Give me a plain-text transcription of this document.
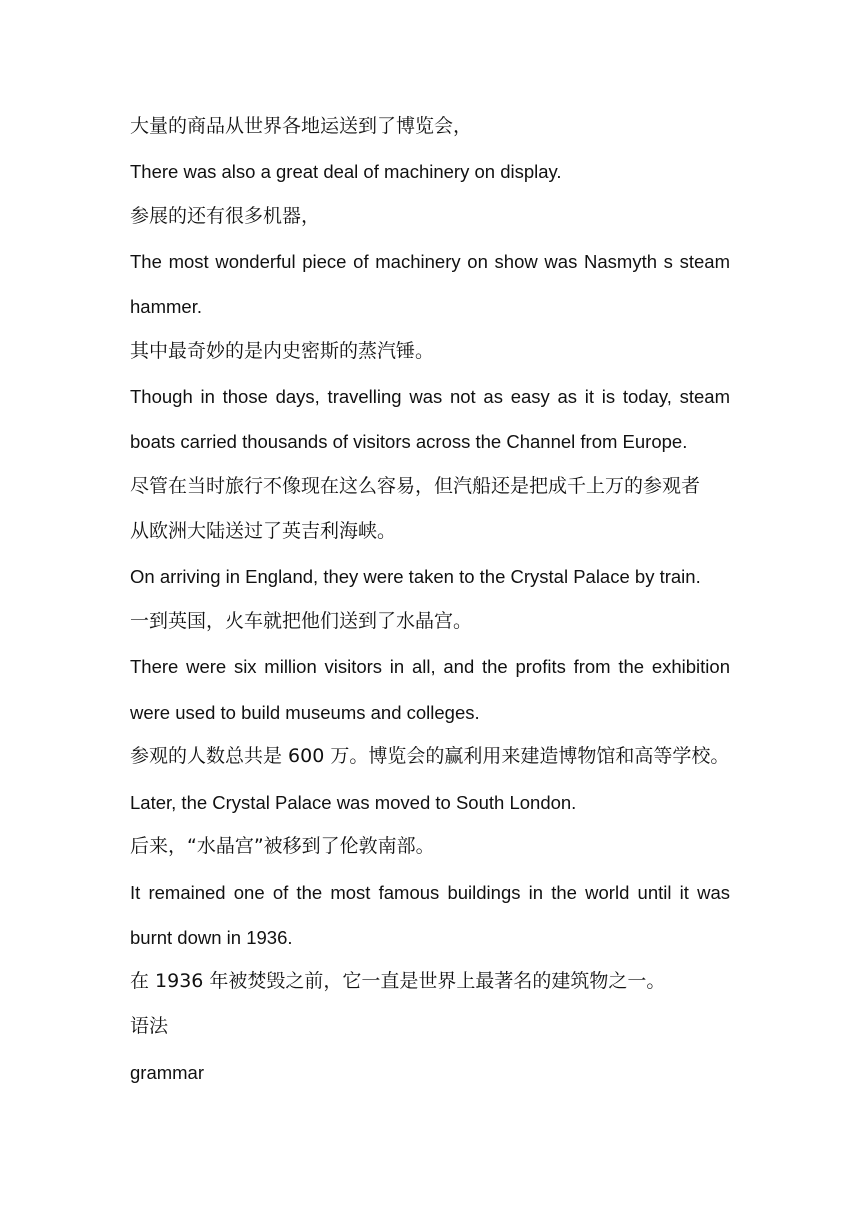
大量的商品从世界各地运送到了博览会，
There was also a great deal of machinery on display.
参展的还有很多机器，
The most wonderful piece of machinery on show was Nasmyth s steam
hammer.
其中最奇妙的是内史密斯的蒸汽锤。
Though in those days, travelling was not as easy as it is today, steam
boats carried thousands of visitors across the Channel from Europe.
尽管在当时旅行不像现在这么容易，但汽船还是把成千上万的参观者
从欧洲大陆送过了英吉利海峡。
On arriving in England, they were taken to the Crystal Palace by train.
一到英国，火车就把他们送到了水晶宫。
There were six million visitors in all, and the profits from the exhibition
were used to build museums and colleges.
参观的人数总共是 600 万。博览会的赢利用来建造博物馆和高等学校。
Later, the Crystal Palace was moved to South London.
后来，“水晶宫”被移到了伦敦南部。
It remained one of the most famous buildings in the world until it was
burnt down in 1936.
在 1936 年被焚毁之前，它一直是世界上最著名的建筑物之一。
语法
grammar
